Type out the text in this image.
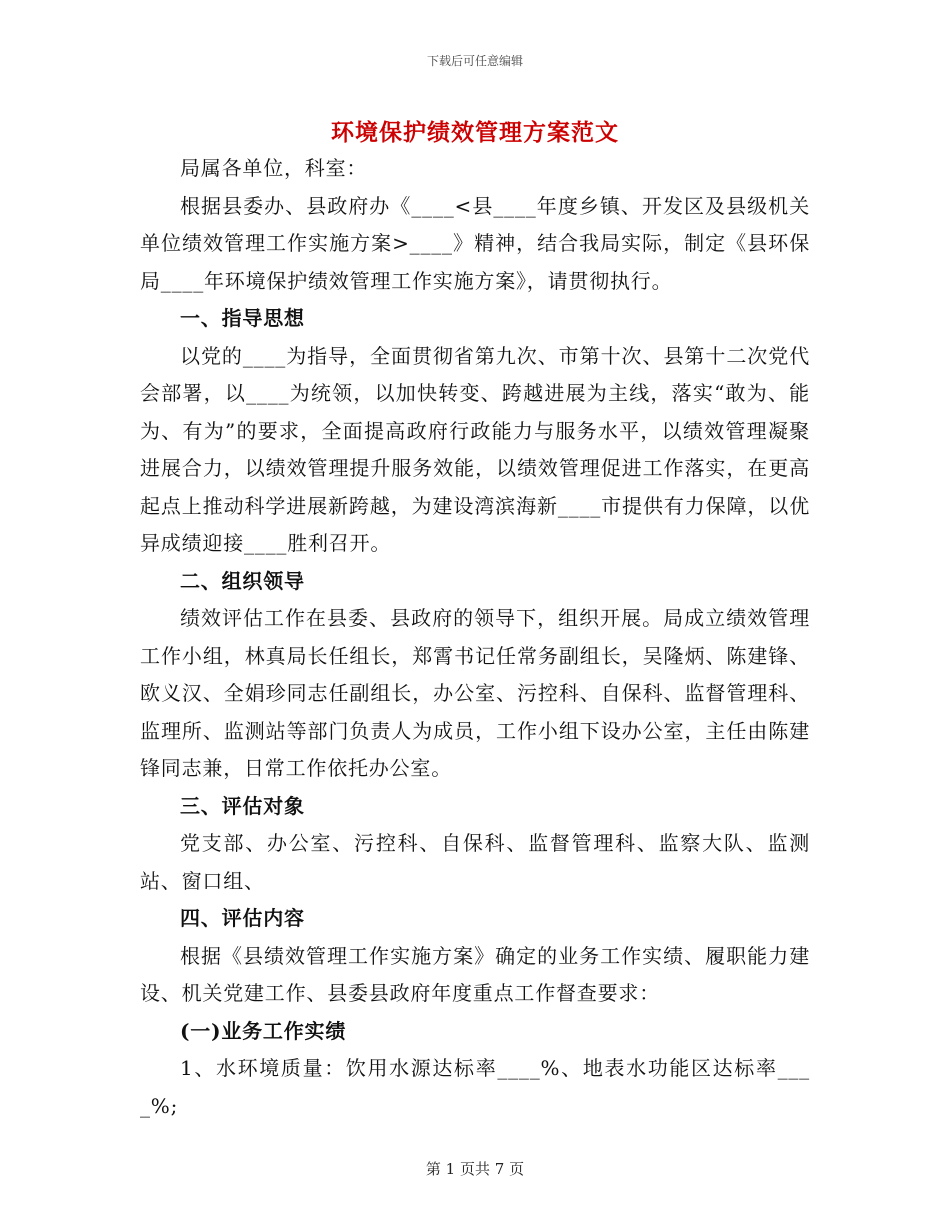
下载后可任意编辑
环境保护绩效管理方案范文

局属各单位，科室：

根据县委办、县政府办《____<县____年度乡镇、开发区及县级机关单位绩效管理工作实施方案>____》精神，结合我局实际，制定《县环保局____年环境保护绩效管理工作实施方案》，请贯彻执行。

一、指导思想

以党的____为指导，全面贯彻省第九次、市第十次、县第十二次党代会部署，以____为统领，以加快转变、跨越进展为主线，落实“敢为、能为、有为”的要求，全面提高政府行政能力与服务水平，以绩效管理凝聚进展合力，以绩效管理提升服务效能，以绩效管理促进工作落实，在更高起点上推动科学进展新跨越，为建设湾滨海新____市提供有力保障，以优异成绩迎接____胜利召开。

二、组织领导

绩效评估工作在县委、县政府的领导下，组织开展。局成立绩效管理工作小组，林真局长任组长，郑霄书记任常务副组长，吴隆炳、陈建锋、欧义汉、全娟珍同志任副组长，办公室、污控科、自保科、监督管理科、监理所、监测站等部门负责人为成员，工作小组下设办公室，主任由陈建锋同志兼，日常工作依托办公室。

三、评估对象

党支部、办公室、污控科、自保科、监督管理科、监察大队、监测站、窗口组、

四、评估内容

根据《县绩效管理工作实施方案》确定的业务工作实绩、履职能力建设、机关党建工作、县委县政府年度重点工作督查要求：

(一)业务工作实绩

1、水环境质量：饮用水源达标率____%、地表水功能区达标率____%;

第 1 页共 7 页
